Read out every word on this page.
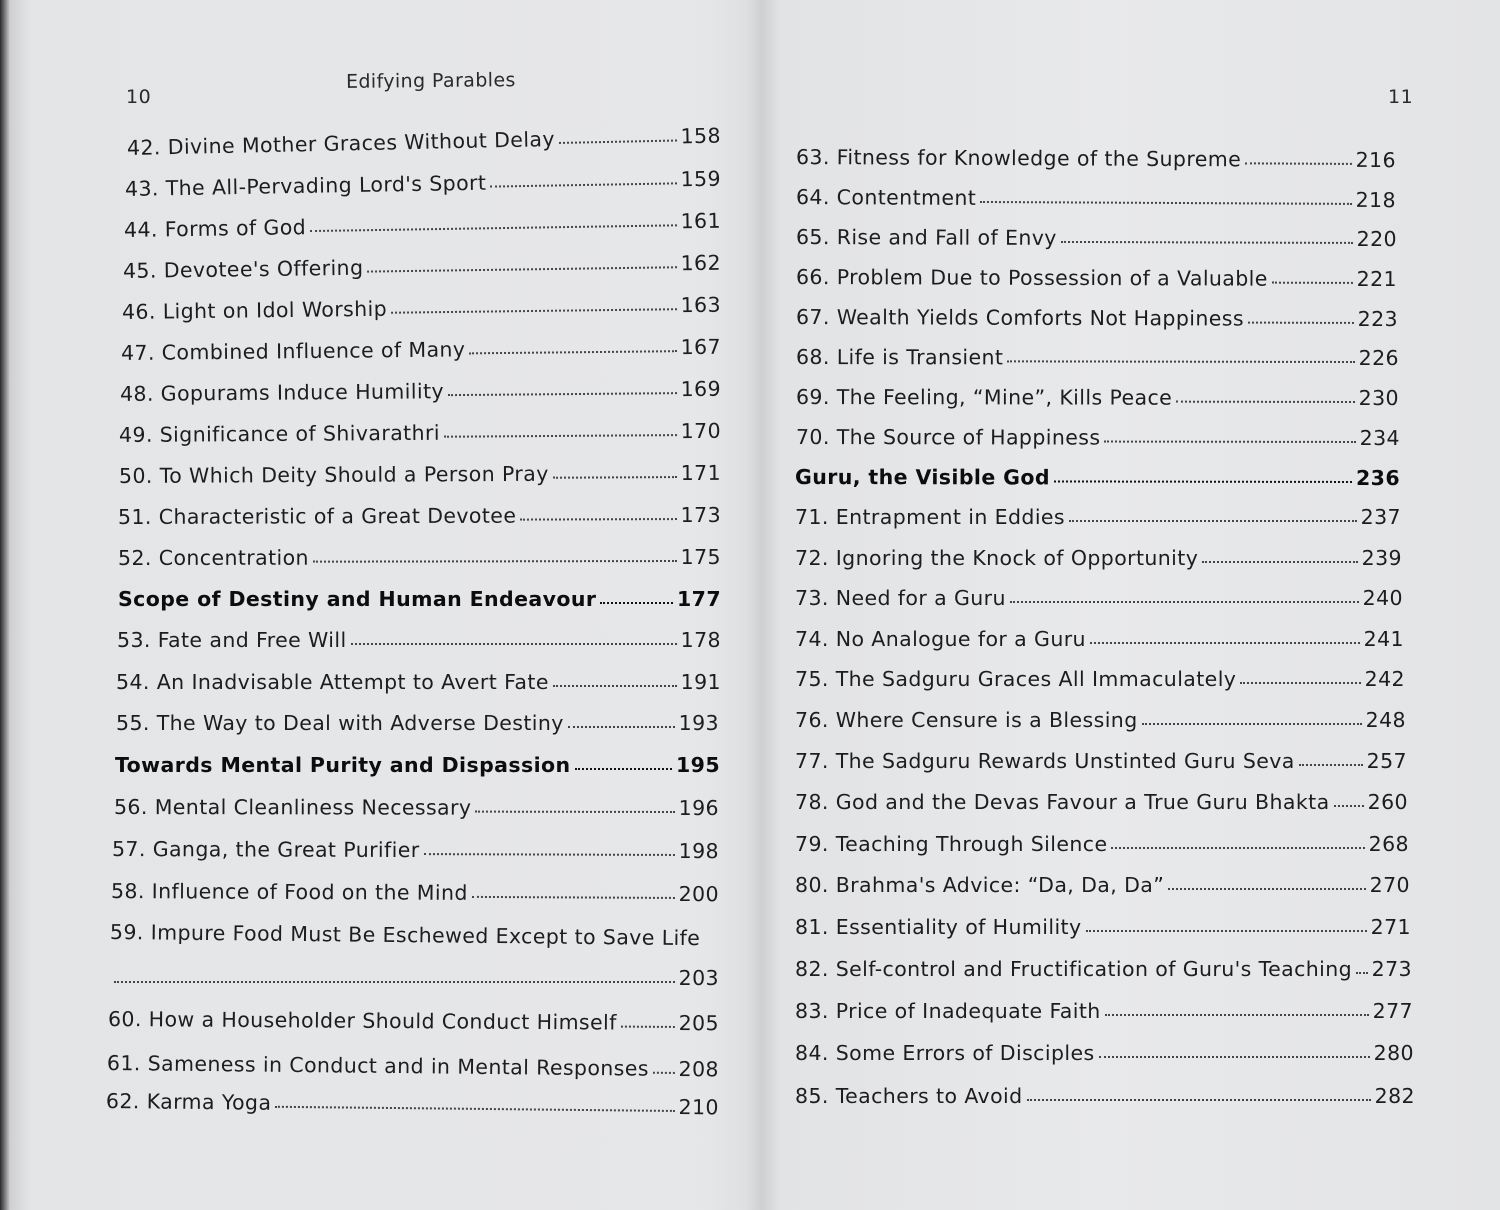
10
Edifying Parables
42. Divine Mother Graces Without Delay	158
43. The All-Pervading Lord's Sport	159
44. Forms of God	161
45. Devotee's Offering	162
46. Light on Idol Worship	163
47. Combined Influence of Many	167
48. Gopurams Induce Humility	169
49. Significance of Shivarathri	170
50. To Which Deity Should a Person Pray	171
51. Characteristic of a Great Devotee	173
52. Concentration	175
Scope of Destiny and Human Endeavour	177
53. Fate and Free Will	178
54. An Inadvisable Attempt to Avert Fate	191
55. The Way to Deal with Adverse Destiny	193
Towards Mental Purity and Dispassion	195
56. Mental Cleanliness Necessary	196
57. Ganga, the Great Purifier	198
58. Influence of Food on the Mind	200
59. Impure Food Must Be Eschewed Except to Save Life
203
60. How a Householder Should Conduct Himself	205
61. Sameness in Conduct and in Mental Responses 208
62. Karma Yoga	210
11
63. Fitness for Knowledge of the Supreme	216
64. Contentment	218
65. Rise and Fall of Envy	220
66. Problem Due to Possession of a Valuable	221
67. Wealth Yields Comforts Not Happiness	223
68. Life is Transient	226
69. The Feeling, “Mine”, Kills Peace	230
70. The Source of Happiness	234
Guru, the Visible God	236
71. Entrapment in Eddies	237
72. Ignoring the Knock of Opportunity	239
73. Need for a Guru	240
74. No Analogue for a Guru	241
75. The Sadguru Graces All Immaculately	242
76. Where Censure is a Blessing	248
77. The Sadguru Rewards Unstinted Guru Seva	257
78. God and the Devas Favour a True Guru Bhakta 260
79. Teaching Through Silence	268
80. Brahma's Advice: “Da, Da, Da”	270
81. Essentiality of Humility	271
82. Self-control and Fructification of Guru's Teaching 273
83. Price of Inadequate Faith	277
84. Some Errors of Disciples	280
85. Teachers to Avoid	282
